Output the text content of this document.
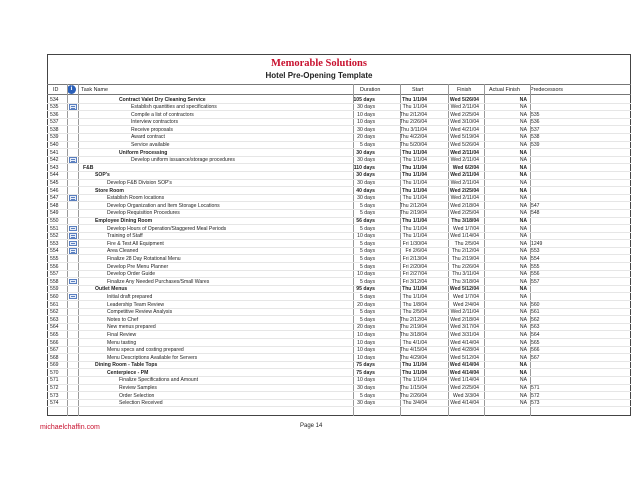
Memorable Solutions
Hotel Pre-Opening Template
ID	Task Name	Duration	Start	Finish	Actual Finish Predecessors
i
534	Contract Valet Dry Cleaning Service	105 days	Thu 1/1/04	Wed 5/26/04	NA
535	Establish quantities and specifications	30 days	Thu 1/1/04	Wed 2/11/04	NA
536	Compile a list of contractors	10 days	Thu 2/12/04	Wed 2/25/04	NA 535
537	Interview contractors	10 days	Thu 2/26/04	Wed 3/10/04	NA 536
538	Receive proposals	30 days	Thu 3/11/04	Wed 4/21/04	NA 537
539	Award contract	20 days	Thu 4/22/04	Wed 5/19/04	NA 538
540	Service available	5 days	Thu 5/20/04	Wed 5/26/04	NA 539
541	Uniform Processing	30 days	Thu 1/1/04	Wed 2/11/04	NA
542	Develop uniform issuance/storage procedures	30 days	Thu 1/1/04	Wed 2/11/04	NA
543	F&B	110 days	Thu 1/1/04	Wed 6/2/04	NA
544	SOP's	30 days	Thu 1/1/04	Wed 2/11/04	NA
545	Develop F&B Division SOP's	30 days	Thu 1/1/04	Wed 2/11/04	NA
546	Store Room	40 days	Thu 1/1/04	Wed 2/25/04	NA
547	Establish Room locations	30 days	Thu 1/1/04	Wed 2/11/04	NA
548	Develop Organization and Item Storage Locations	5 days	Thu 2/12/04	Wed 2/18/04	NA 547
549	Develop Requisition Procedures	5 days	Thu 2/19/04	Wed 2/25/04	NA 548
550	Employee Dining Room	56 days	Thu 1/1/04	Thu 3/18/04	NA
551	Develop Hours of Operation/Staggered Meal Periods	5 days	Thu 1/1/04	Wed 1/7/04	NA
552	Training of Staff	10 days	Thu 1/1/04	Wed 1/14/04	NA
553	Fire & Test All Equipment	5 days	Fri 1/30/04	Thu 2/5/04	NA 1249
554	Area Cleaned	5 days	Fri 2/6/04	Thu 2/12/04	NA 553
555	Finalize 28 Day Rotational Menu	5 days	Fri 2/13/04	Thu 2/19/04	NA 554
556	Develop Pre Menu Planner	5 days	Fri 2/20/04	Thu 2/26/04	NA 555
557	Develop Order Guide	10 days	Fri 2/27/04	Thu 3/11/04	NA 556
558	Finalize Any Needed Purchases/Small Wares	5 days	Fri 3/12/04	Thu 3/18/04	NA 557
559	Outlet Menus	95 days	Thu 1/1/04	Wed 5/12/04	NA
560	Initial draft prepared	5 days	Thu 1/1/04	Wed 1/7/04	NA
561	Leadership Team Review	20 days	Thu 1/8/04	Wed 2/4/04	NA 560
562	Competitive Review Analysis	5 days	Thu 2/5/04	Wed 2/11/04	NA 561
563	Notes to Chef	5 days	Thu 2/12/04	Wed 2/18/04	NA 562
564	New menus prepared	20 days	Thu 2/19/04	Wed 3/17/04	NA 563
565	Final Review	10 days	Thu 3/18/04	Wed 3/31/04	NA 564
566	Menu tasting	10 days	Thu 4/1/04	Wed 4/14/04	NA 565
567	Menu specs and costing prepared	10 days	Thu 4/15/04	Wed 4/28/04	NA 566
568	Menu Descriptions Available for Servers	10 days	Thu 4/29/04	Wed 5/12/04	NA 567
569	Dining Room - Table Tops	75 days	Thu 1/1/04	Wed 4/14/04	NA
570	Centerpiece - PM	75 days	Thu 1/1/04	Wed 4/14/04	NA
571	Finalize Specifications and Amount	10 days	Thu 1/1/04	Wed 1/14/04	NA
572	Review Samples	30 days	Thu 1/15/04	Wed 2/25/04	NA 571
573	Order Selection	5 days	Thu 2/26/04	Wed 3/3/04	NA 572
574	Selection Received	30 days	Thu 3/4/04	Wed 4/14/04	NA 573
michaelchaffin.com	Page 14
